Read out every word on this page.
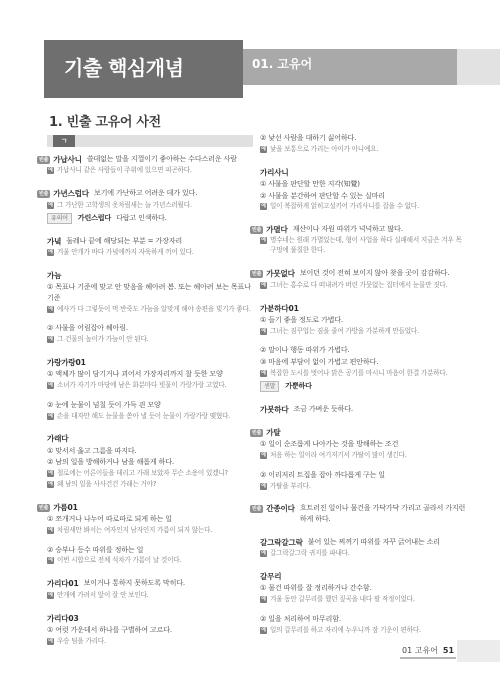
기출 핵심개념	01. 고유어
1. 빈출 고유어 사전
ㄱ
빈출 가납사니 쓸데없는 말을 지껄이기 좋아하는 수다스러운 사람
예 가납사니 같은 사람들이 주위에 있으면 피곤하다.
빈출 가년스럽다 보기에 가난하고 어려운 데가 있다.
예 그 가난한 고학생의 옷차림새는 늘 가년스러웠다.
유의어	가린스럽다 다랍고 인색하다.
가녘 둘레나 끝에 해당되는 부분 = 가장자리
예 겨울 안개가 바다 가녘에까지 자욱하게 끼어 있다.
가늠
① 목표나 기준에 맞고 안 맞음을 헤아려 봄. 또는 헤아려 보는 목표나 기준
예 예사가 다 그렇듯이 먹 반죽도 가늠을 알맞게 해야 송편을 빚기가 좋다.
② 사물을 어림잡아 헤아림.
예 그 건물의 높이가 가늠이 안 된다.
가랑가랑01
① 액체가 많이 담기거나 괴어서 가장자리까지 찰 듯한 모양
예 소녀가 자기가 마당에 남은 화분마다 빗물이 가랑가랑 고였다.
② 눈에 눈물이 넘칠 듯이 가득 괸 모양
예 손을 대자만 해도 눈물을 쏟아 낼 듯이 눈물이 가랑가랑 맺혔다.
가래다
① 맞서서 옳고 그름을 따지다.
② 남의 일을 방해하거나 남을 해롭게 하다.
예 철로에는 어른이들을 데리고 가래 보았자 무슨 소용이 있겠니?
예 왜 남의 일을 사사건건 가래는 거야?
빈출 가름01
① 쪼개거나 나누어 따로따로 되게 하는 일
예 차림새만 봐서는 여자인지 남자인지 가름이 되지 않는다.
② 승부나 등수 따위를 정하는 일
예 이번 시합으로 전체 석차가 가름이 날 것이다.
가리다01 보이거나 통하지 못하도록 막히다.
예 안개에 가려서 앞이 잘 안 보인다.
가리다03
① 여럿 가운데서 하나를 구별하여 고르다.
예 우승 팀을 가리다.
② 낯선 사람을 대하기 싫어하다.
예 낯을 보통으로 가리는 아이가 아니예요.
가리사니
① 사물을 판단할 만한 지각(知覺)
② 사물을 분간하여 판단할 수 있는 실마리
예 일이 복잡하게 얽히고설키어 가리사니를 잡을 수 없다.
빈출 가멸다 재산이나 자원 따위가 넉넉하고 많다.
예 명수네는 원래 가멸었는데, 형이 사업을 하다 실패해서 지금은 겨우 목구멍에 풀칠한 한다.
빈출 가뭇없다 보이던 것이 전혀 보이지 않아 찾을 곳이 감감하다.
예 그녀는 홍수로 다 떠내려가 버린 가뭇없는 집터에서 눈물만 짓다.
가분하다01
① 들기 좋을 정도로 가볍다.
예 그녀는 짐꾸업는 짐을 줄여 가방을 가분하게 만들었다.
② 말이나 행동 따위가 가볍다.
③ 마음에 부담이 없이 가볍고 편안하다.
예 복잡한 도시를 벗어나 맑은 공기를 마시니 마음이 한결 가분하다.
센말	가뿐하다
가붓하다 조금 가벼운 듯하다.
빈출 가탈
① 일이 순조롭게 나아가는 것을 방해하는 조건
예 처음 하는 일이라 여기저기서 가탈이 많이 생긴다.
② 이리저리 트집을 잡아 까다롭게 구는 일
예 가탈을 부리다.
빈출 간종이다 흐트러진 일이나 물건을 가닥가닥 가리고 골라서 가지런하게 하다.
갈그락갈그락 붙어 있는 찌꺼기 따위를 자꾸 긁어내는 소리
예 갈그락갈그락 귀지를 파내다.
갈무리
① 물건 따위를 잘 정리하거나 간수함.
예 겨울 동안 갈무리를 했던 짚곡을 내다 팔 작정이었다.
② 일을 처리하여 마무리함.
예 일의 갈무리를 하고 자리에 누우니까 잠 기운이 편하다.
01 고유어 51
